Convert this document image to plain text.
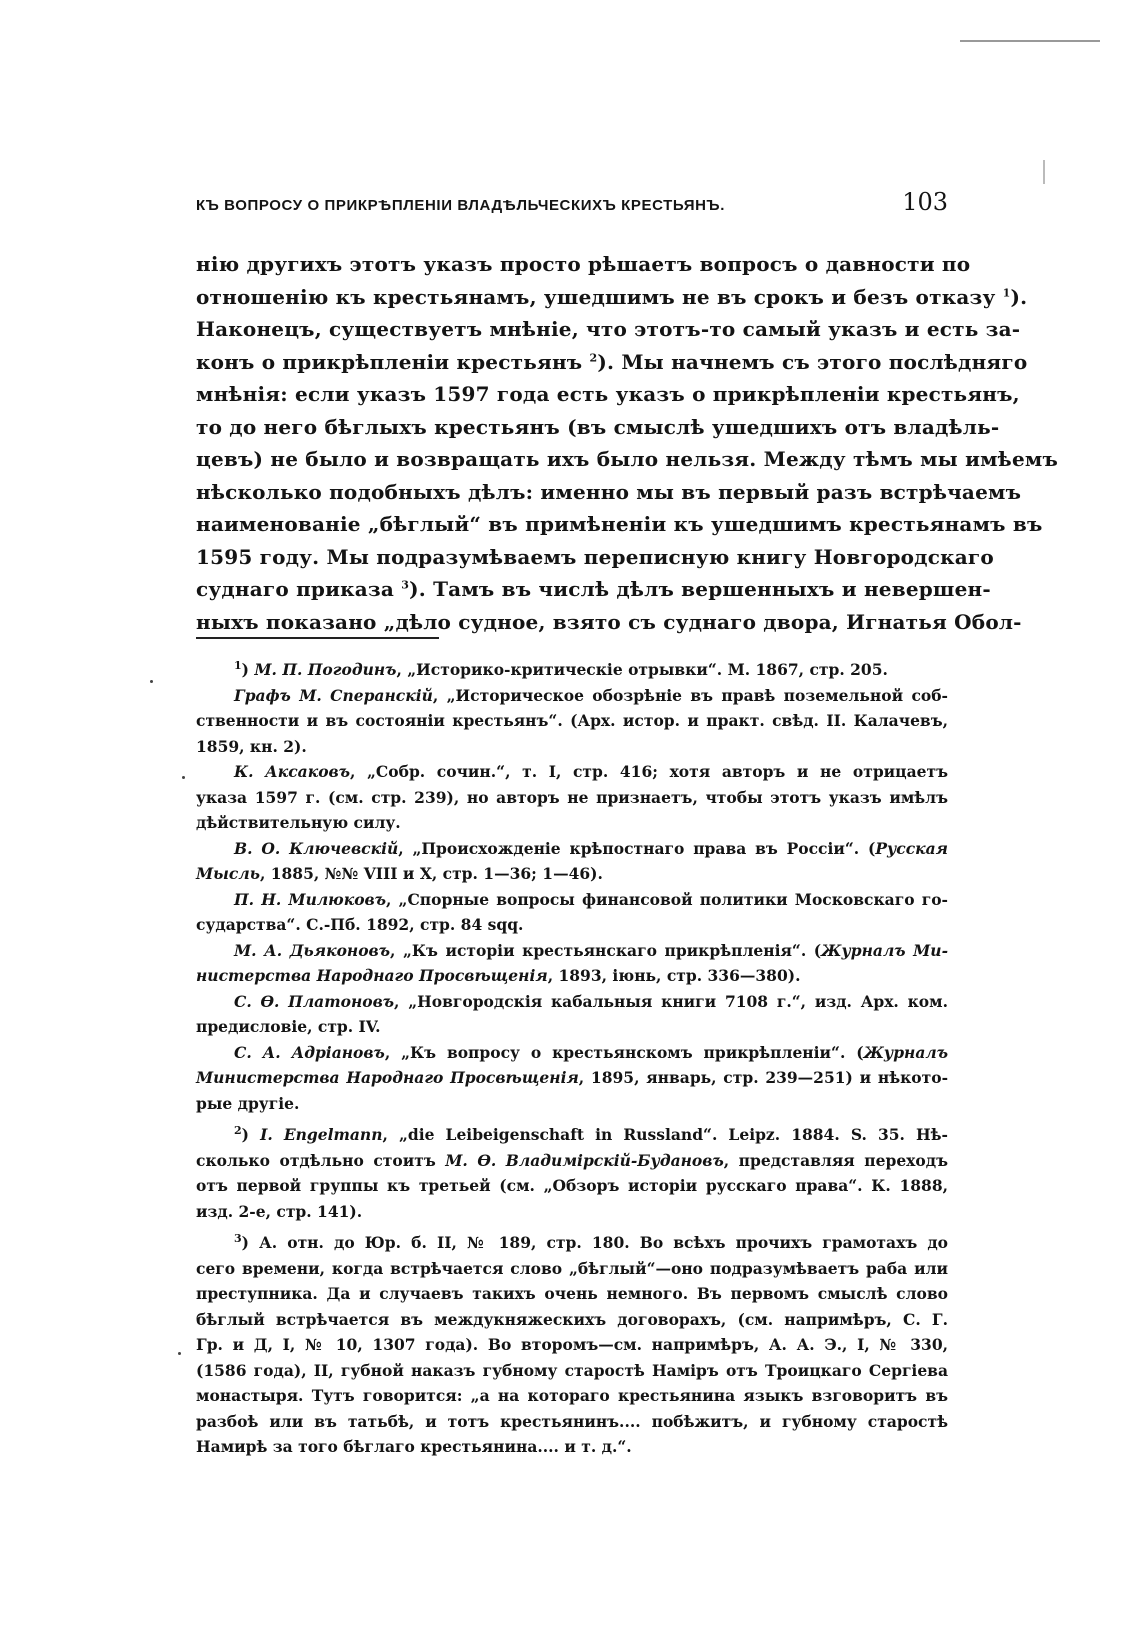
КЪ ВОПРОСУ О ПРИКРѢПЛЕНІИ ВЛАДѢЛЬЧЕСКИХЪ КРЕСТЬЯНЪ.	103
нію другихъ этотъ указъ просто рѣшаетъ вопросъ о давности по
отношенію къ крестьянамъ, ушедшимъ не въ срокъ и безъ отказу $^1$).
Наконецъ, существуетъ мнѣніе, что этотъ-то самый указъ и есть за-
конъ о прикрѣпленіи крестьянъ $^2$). Мы начнемъ съ этого послѣдняго
мнѣнія: если указъ 1597 года есть указъ о прикрѣпленіи крестьянъ,
то до него бѣглыхъ крестьянъ (въ смыслѣ ушедшихъ отъ владѣль-
цевъ) не было и возвращать ихъ было нельзя. Между тѣмъ мы имѣемъ
нѣсколько подобныхъ дѣлъ: именно мы въ первый разъ встрѣчаемъ
наименованіе „бѣглый“ въ примѣненіи къ ушедшимъ крестьянамъ въ
1595 году. Мы подразумѣваемъ переписную книгу Новгородскаго
суднаго приказа $^3$). Тамъ въ числѣ дѣлъ вершенныхъ и невершен-
ныхъ показано „дѣло судное, взято съ суднаго двора, Игнатья Обол-
$^1$) М. П. Погодинъ, „Историко-критическіе отрывки“. М. 1867, стр. 205.
Графъ М. Сперанскій, „Историческое обозрѣніе въ правѣ поземельной соб-
ственности и въ состояніи крестьянъ“. (Арх. истор. и практ. свѣд. II. Калачевъ,
1859, кн. 2).
К. Аксаковъ, „Собр. сочин.“, т. I, стр. 416; хотя авторъ и не отрицаетъ
указа 1597 г. (см. стр. 239), но авторъ не признаетъ, чтобы этотъ указъ имѣлъ
дѣйствительную силу.
В. О. Ключевскій, „Происхожденіе крѣпостнаго права въ Россіи“. (Русская
Мысль, 1885, №№ VIII и X, стр. 1—36; 1—46).
П. Н. Милюковъ, „Спорные вопросы финансовой политики Московскаго го-
сударства“. С.-Пб. 1892, стр. 84 sqq.
М. А. Дьяконовъ, „Къ исторіи крестьянскаго прикрѣпленія“. (Журналъ Ми-
нистерства Народнаго Просвѣщенія, 1893, іюнь, стр. 336—380).
С. Ѳ. Платоновъ, „Новгородскія кабальныя книги 7108 г.“, изд. Арх. ком.
предисловіе, стр. IV.
С. А. Адріановъ, „Къ вопросу о крестьянскомъ прикрѣпленіи“. (Журналъ
Министерства Народнаго Просвѣщенія, 1895, январь, стр. 239—251) и нѣкото-
рые другіе.
$^2$) I. Engelmann, „die Leibeigenschaft in Russland“. Leipz. 1884. S. 35. Нѣ-
сколько отдѣльно стоитъ М. Ѳ. Владимірскій-Будановъ, представляя переходъ
отъ первой группы къ третьей (см. „Обзоръ исторіи русскаго права“. К. 1888,
изд. 2-е, стр. 141).
$^3$) А. отн. до Юр. б. II, № 189, стр. 180. Во всѣхъ прочихъ грамотахъ до
сего времени, когда встрѣчается слово „бѣглый“—оно подразумѣваетъ раба или
преступника. Да и случаевъ такихъ очень немного. Въ первомъ смыслѣ слово
бѣглый встрѣчается въ междукняжескихъ договорахъ, (см. напримѣръ, С. Г.
Гр. и Д, I, № 10, 1307 года). Во второмъ—см. напримѣръ, А. А. Э., I, № 330,
(1586 года), II, губной наказъ губному старостѣ Наміръ отъ Троицкаго Сергіева
монастыря. Тутъ говорится: „а на котораго крестьянина языкъ взговоритъ въ
разбоѣ или въ татьбѣ, и тотъ крестьянинъ.... побѣжитъ, и губному старостѣ
Намирѣ за того бѣглаго крестьянина.... и т. д.“.
